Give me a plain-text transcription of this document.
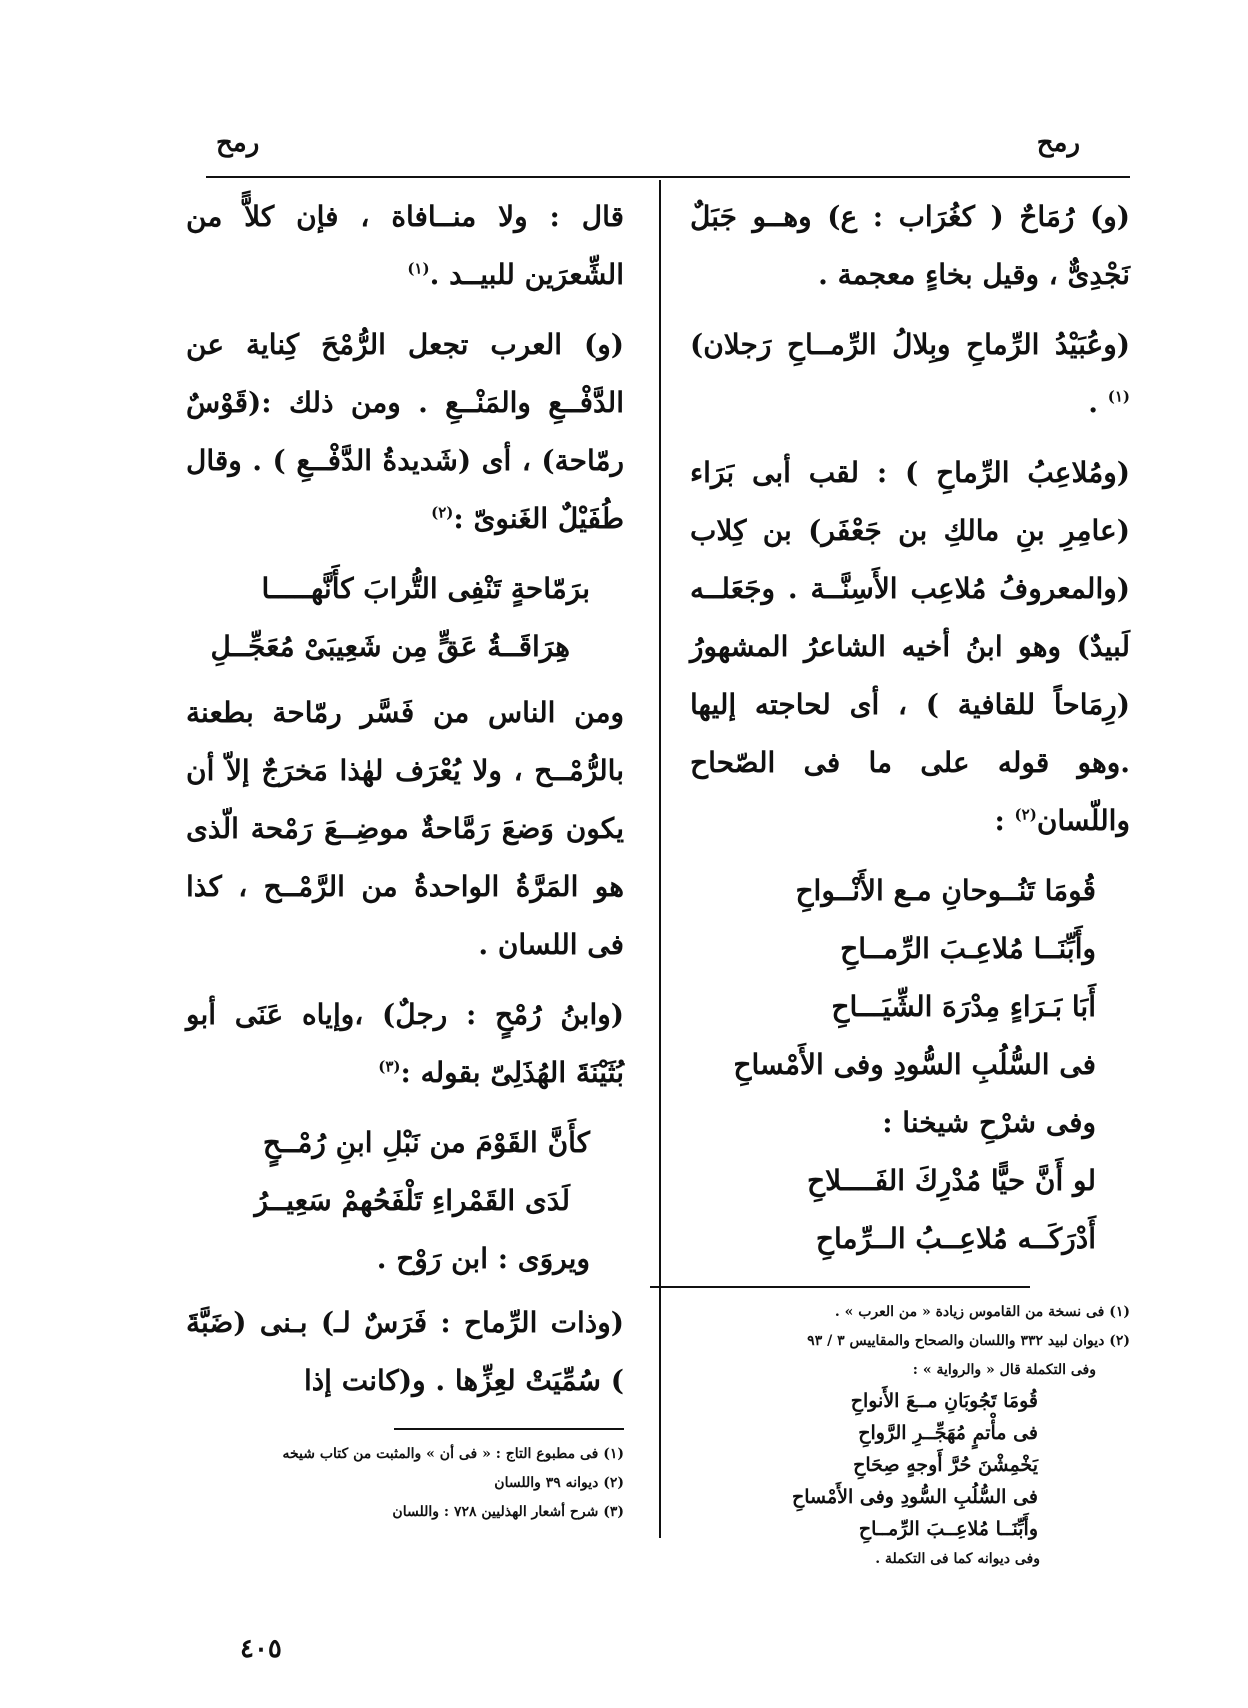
رمح
رمح

(و) رُمَاحٌ ( كغُرَاب : ع) وهــو جَبَلٌ نَجْدِىٌّ ، وقيل بخاءٍ معجمة .

(وعُبَيْدُ الرِّماحِ وبِلالُ الرِّمــاحِ رَجلان) $^{(١)}$ .

(ومُلاعِبُ الرِّماحِ ) : لقب أبى بَرَاء (عامِرِ بنِ مالكِ بن جَعْفَر) بن كِلاب (والمعروفُ مُلاعِب الأَسِنَّــة . وجَعَلــه لَبيدٌ) وهو ابنُ أخيه الشاعرُ المشهورُ (رِمَاحاً للقافية ) ، أى لحاجته إليها .وهو قوله على ما فى الصّحاح واللّسان$^{(٢)}$ :

قُومَا تَنُــوحانِ مـع الأَنْــواحِ

وأَبِّنَــا مُلاعِـبَ الرِّمــاحِ

أَبَا بَـرَاءٍ مِدْرَهَ الشِّيَـــاحِ

فى السُّلُبِ السُّودِ وفى الأَمْساحِ

وفى شرْحِ شيخنا :

لو أَنَّ حيًّا مُدْرِكَ الفَــــلاحِ

أَدْرَكَــه مُلاعِــبُ الــرِّماحِ

(١) فى نسخة من القاموس زيادة « من العرب » .

(٢) ديوان لبيد ٣٣٢ واللسان والصحاح والمقاييس ٣ / ٩٣

وفى التكملة قال « والرواية » :

قُومَا تَجُوبَانِ مــعَ الأَنواحِ

فى مأْتمٍ مُهَجِّــرِ الرَّواحِ

يَخْمِشْنَ حُرَّ أَوجهٍ صِحَاحِ

فى السُّلُبِ السُّودِ وفى الأَمْساحِ

وأَبِّنَــا مُلاعِــبَ الرِّمــاحِ

وفى ديوانه كما فى التكملة .

قال : ولا منــافاة ، فإن كلاًّ من الشِّعرَين للبيــد .$^{(١)}$

(و) العرب تجعل الرُّمْحَ كِناية عن الدَّفْــعِ والمَنْــعِ . ومن ذلك :(قَوْسٌ رمّاحة) ، أى (شَديدةُ الدَّفْــعِ ) . وقال طُفَيْلٌ الغَنوىّ :$^{(٢)}$

برَمّاحةٍ تَنْفِى التُّرابَ كأَنَّهـــــا

هِرَاقَــةُ عَقٍّ مِن شَعِيبَىْ مُعَجِّــلِ

ومن الناس من فَسَّر رمّاحة بطعنة بالرُّمْــح ، ولا يُعْرَف لهٰذا مَخرَجٌ إلاّ أن يكون وَضعَ رَمَّاحةٌ موضِــعَ رَمْحة الّذى هو المَرَّةُ الواحدةُ من الرَّمْــح ، كذا فى اللسان .

(وابنُ رُمْحٍ : رجلٌ) ،وإياه عَنَى أبو بُثَيْنَةَ الهُذَلِىّ بقوله :$^{(٣)}$

كأَنَّ القَوْمَ من نَبْلِ ابنِ رُمْــحٍ

لَدَى القَمْراءِ تَلْفَحُهمْ سَعِيــرُ

ويروَى : ابن رَوْح .

(وذات الرِّماح : فَرَسٌ لـ) بـنى (ضَبَّةَ ) سُمِّيَتْ لعِزِّها . و(كانت إذا

(١) فى مطبوع التاج : « فى أن » والمثبت من كتاب شيخه

(٢) ديوانه ٣٩ واللسان

(٣) شرح أشعار الهذليين ٧٢٨ : واللسان

٤٠٥
